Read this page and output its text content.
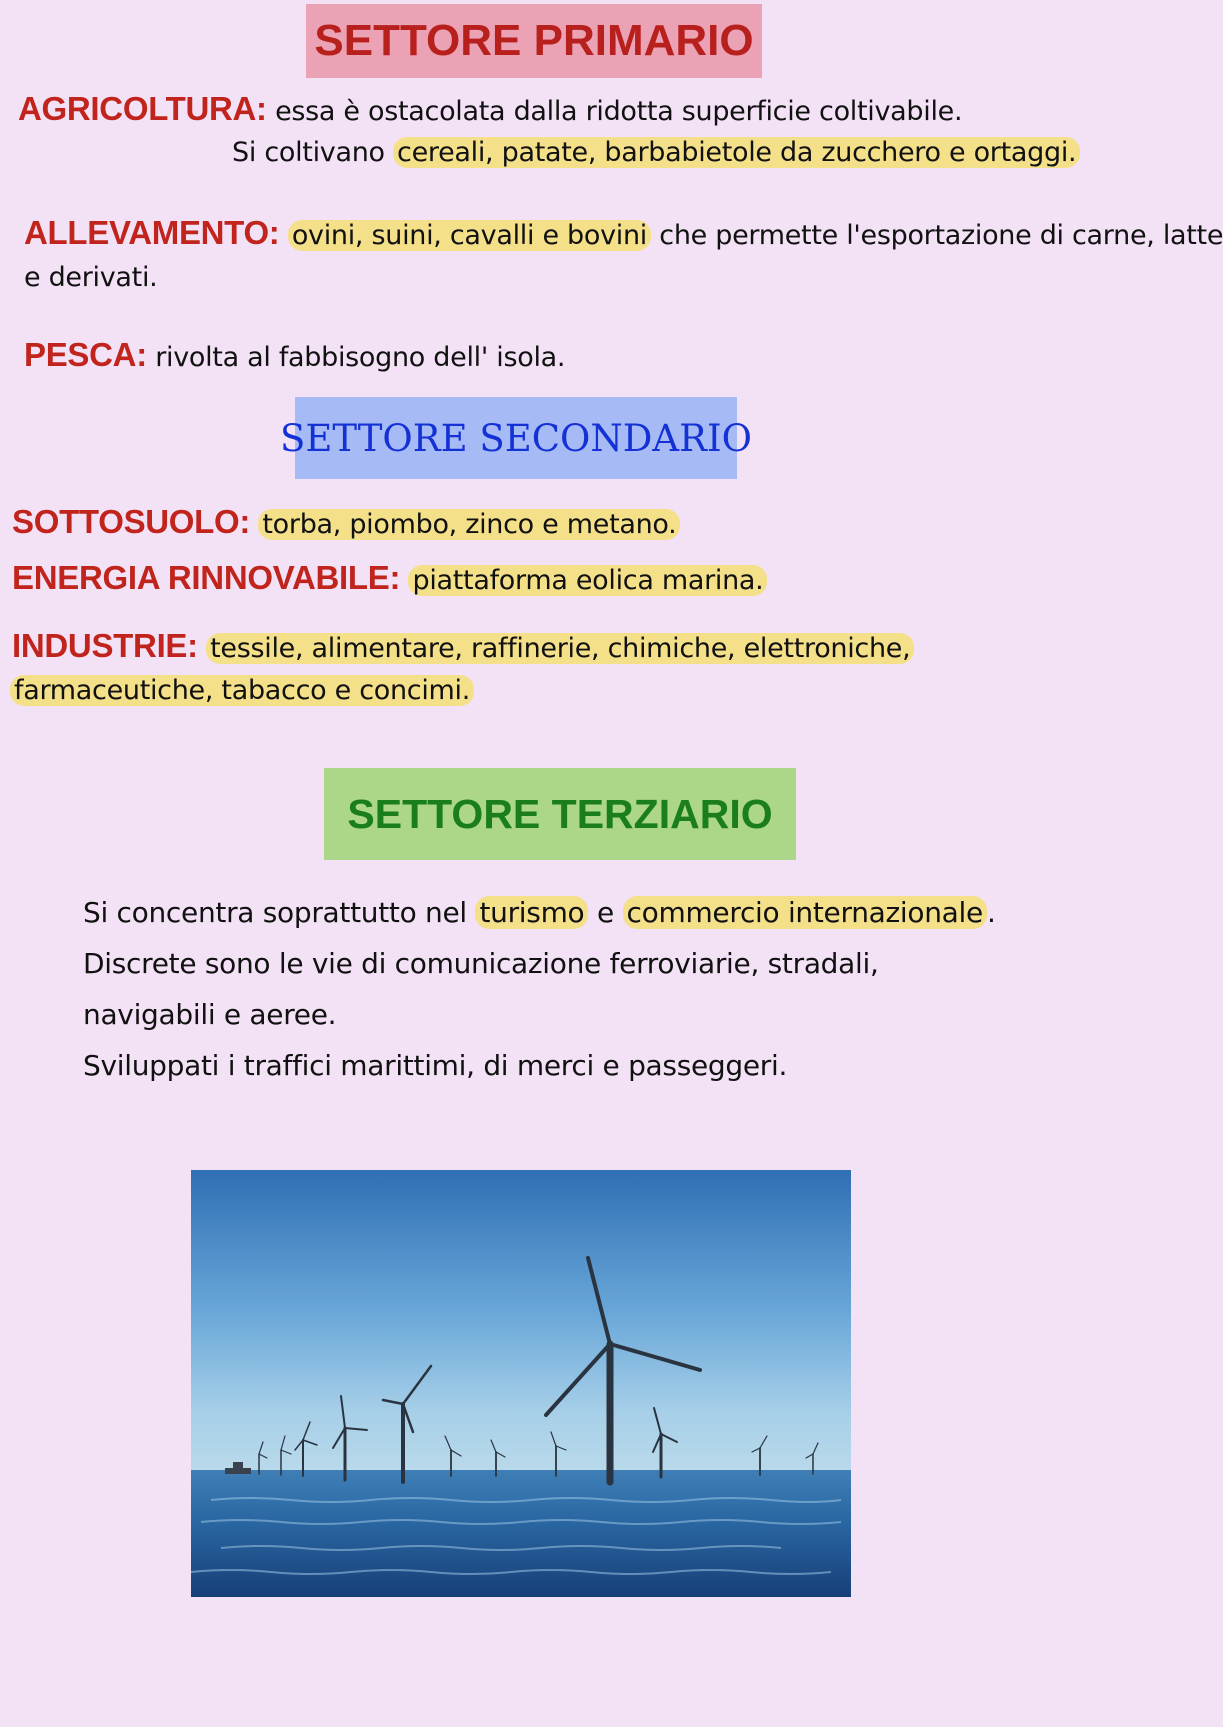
SETTORE PRIMARIO

AGRICOLTURA: essa è ostacolata dalla ridotta superficie coltivabile.

Si coltivano cereali, patate, barbabietole da zucchero e ortaggi.

ALLEVAMENTO: ovini, suini, cavalli e bovini che permette l'esportazione di carne, latte

e derivati.

PESCA: rivolta al fabbisogno dell' isola.

SETTORE SECONDARIO

SOTTOSUOLO: torba, piombo, zinco e metano.

ENERGIA RINNOVABILE: piattaforma eolica marina.

INDUSTRIE: tessile, alimentare, raffinerie, chimiche, elettroniche,

farmaceutiche, tabacco e concimi.

SETTORE TERZIARIO

Si concentra soprattutto nel turismo e commercio internazionale .

Discrete sono le vie di comunicazione ferroviarie, stradali,

navigabili e aeree.

Sviluppati i traffici marittimi, di merci e passeggeri.
